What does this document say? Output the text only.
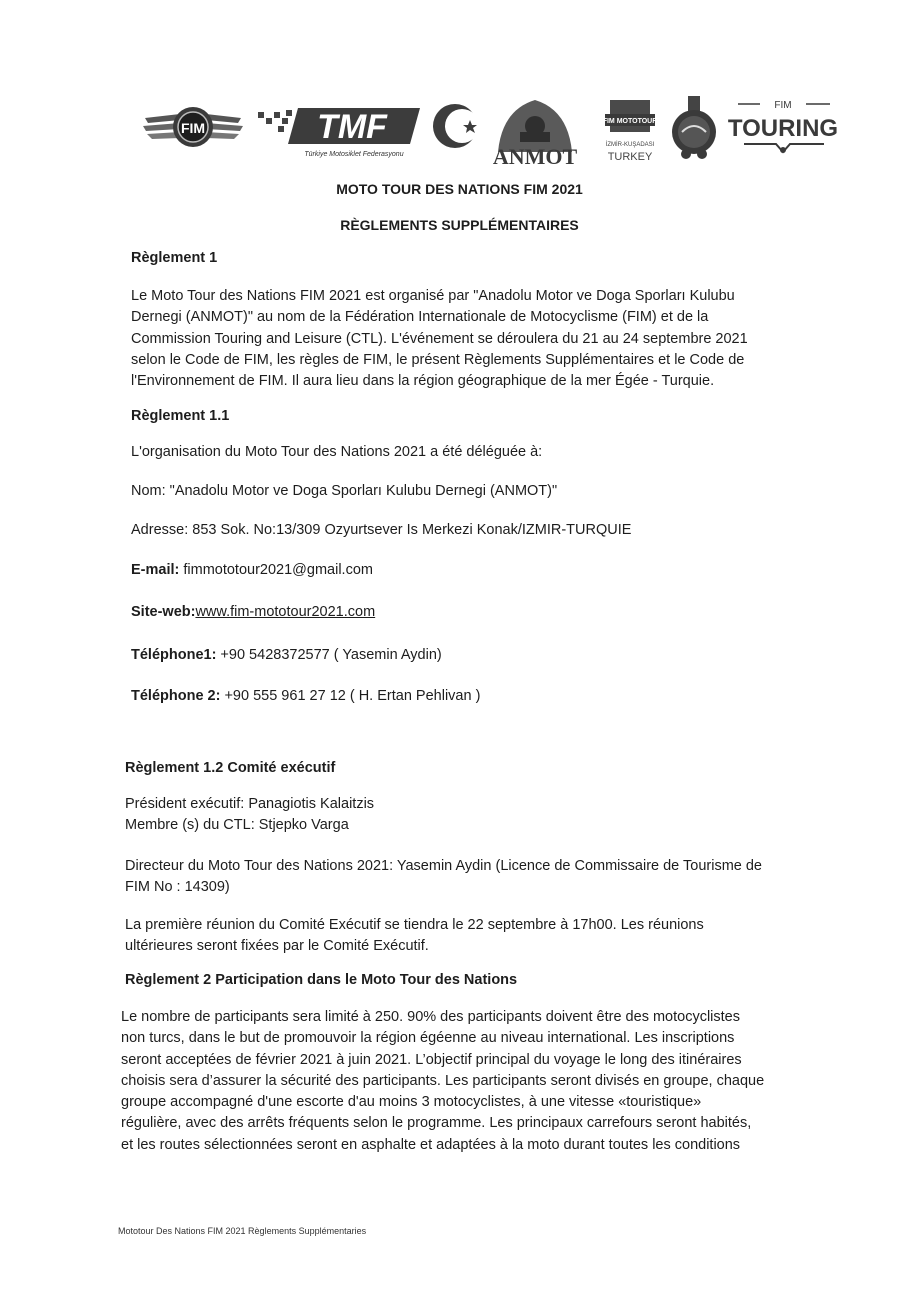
FIM	TMF
Türkiye Motosiklet Federasyonu	ANMOT
FIM MOTOTOUR
İZMİR-KUŞADASI
TURKEY
FIM
TOURING
MOTO TOUR DES NATIONS FIM 2021
RÈGLEMENTS SUPPLÉMENTAIRES
Règlement 1
Le Moto Tour des Nations FIM 2021 est organisé par "Anadolu Motor ve Doga Sporları Kulubu
Dernegi (ANMOT)" au nom de la Fédération Internationale de Motocyclisme (FIM) et de la
Commission Touring and Leisure (CTL). L'événement se déroulera du 21 au 24 septembre 2021
selon le Code de FIM, les règles de FIM, le présent Règlements Supplémentaires et le Code de
l'Environnement de FIM. Il aura lieu dans la région géographique de la mer Égée - Turquie.
Règlement 1.1
L'organisation du Moto Tour des Nations 2021 a été déléguée à:
Nom: "Anadolu Motor ve Doga Sporları Kulubu Dernegi (ANMOT)"
Adresse: 853 Sok. No:13/309 Ozyurtsever Is Merkezi Konak/IZMIR-TURQUIE
E-mail: fimmototour2021@gmail.com
Site-web:www.fim-mototour2021.com
Téléphone1: +90 5428372577 ( Yasemin Aydin)
Téléphone 2: +90 555 961 27 12 ( H. Ertan Pehlivan )
Règlement 1.2 Comité exécutif
Président exécutif: Panagiotis Kalaitzis
Membre (s) du CTL: Stjepko Varga
Directeur du Moto Tour des Nations 2021: Yasemin Aydin (Licence de Commissaire de Tourisme de
FIM No : 14309)
La première réunion du Comité Exécutif se tiendra le 22 septembre à 17h00. Les réunions
ultérieures seront fixées par le Comité Exécutif.
Règlement 2 Participation dans le Moto Tour des Nations
Le nombre de participants sera limité à 250. 90% des participants doivent être des motocyclistes
non turcs, dans le but de promouvoir la région égéenne au niveau international. Les inscriptions
seront acceptées de février 2021 à juin 2021. L’objectif principal du voyage le long des itinéraires
choisis sera d’assurer la sécurité des participants. Les participants seront divisés en groupe, chaque
groupe accompagné d'une escorte d'au moins 3 motocyclistes, à une vitesse «touristique»
régulière, avec des arrêts fréquents selon le programme. Les principaux carrefours seront habités,
et les routes sélectionnées seront en asphalte et adaptées à la moto durant toutes les conditions
Mototour Des Nations FIM 2021 Règlements Supplémentaries
